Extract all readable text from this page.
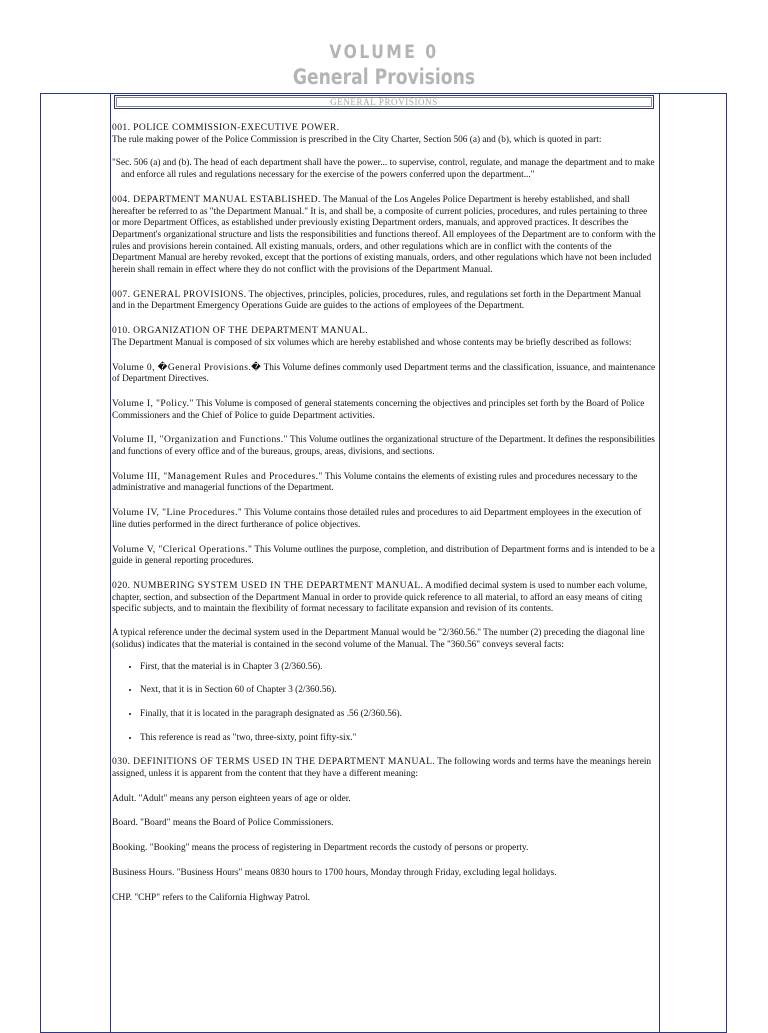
VOLUME 0
General Provisions
GENERAL PROVISIONS

001. POLICE COMMISSION-EXECUTIVE POWER.
The rule making power of the Police Commission is prescribed in the City Charter, Section 506 (a) and (b), which is quoted in part:

"Sec. 506 (a) and (b). The head of each department shall have the power... to supervise, control, regulate, and manage the department and to make and enforce all rules and regulations necessary for the exercise of the powers conferred upon the department..."

004. DEPARTMENT MANUAL ESTABLISHED. The Manual of the Los Angeles Police Department is hereby established, and shall hereafter be referred to as "the Department Manual." It is, and shall be, a composite of current policies, procedures, and rules pertaining to three or more Department Offices, as established under previously existing Department orders, manuals, and approved practices. It describes the Department's organizational structure and lists the responsibilities and functions thereof. All employees of the Department are to conform with the rules and provisions herein contained. All existing manuals, orders, and other regulations which are in conflict with the contents of the Department Manual are hereby revoked, except that the portions of existing manuals, orders, and other regulations which have not been included herein shall remain in effect where they do not conflict with the provisions of the Department Manual.

007. GENERAL PROVISIONS. The objectives, principles, policies, procedures, rules, and regulations set forth in the Department Manual and in the Department Emergency Operations Guide are guides to the actions of employees of the Department.

010. ORGANIZATION OF THE DEPARTMENT MANUAL.
The Department Manual is composed of six volumes which are hereby established and whose contents may be briefly described as follows:

Volume 0, �General Provisions.� This Volume defines commonly used Department terms and the classification, issuance, and maintenance of Department Directives.

Volume I, "Policy." This Volume is composed of general statements concerning the objectives and principles set forth by the Board of Police Commissioners and the Chief of Police to guide Department activities.

Volume II, "Organization and Functions." This Volume outlines the organizational structure of the Department. It defines the responsibilities and functions of every office and of the bureaus, groups, areas, divisions, and sections.

Volume III, "Management Rules and Procedures." This Volume contains the elements of existing rules and procedures necessary to the administrative and managerial functions of the Department.

Volume IV, "Line Procedures." This Volume contains those detailed rules and procedures to aid Department employees in the execution of line duties performed in the direct furtherance of police objectives.

Volume V, "Clerical Operations." This Volume outlines the purpose, completion, and distribution of Department forms and is intended to be a guide in general reporting procedures.

020. NUMBERING SYSTEM USED IN THE DEPARTMENT MANUAL. A modified decimal system is used to number each volume, chapter, section, and subsection of the Department Manual in order to provide quick reference to all material, to afford an easy means of citing specific subjects, and to maintain the flexibility of format necessary to facilitate expansion and revision of its contents.

A typical reference under the decimal system used in the Department Manual would be "2/360.56." The number (2) preceding the diagonal line (solidus) indicates that the material is contained in the second volume of the Manual. The "360.56" conveys several facts:

• First, that the material is in Chapter 3 (2/360.56).
• Next, that it is in Section 60 of Chapter 3 (2/360.56).
• Finally, that it is located in the paragraph designated as .56 (2/360.56).
• This reference is read as "two, three-sixty, point fifty-six."

030. DEFINITIONS OF TERMS USED IN THE DEPARTMENT MANUAL. The following words and terms have the meanings herein assigned, unless it is apparent from the content that they have a different meaning:

Adult. "Adult" means any person eighteen years of age or older.

Board. "Board" means the Board of Police Commissioners.

Booking. "Booking" means the process of registering in Department records the custody of persons or property.

Business Hours. "Business Hours" means 0830 hours to 1700 hours, Monday through Friday, excluding legal holidays.

CHP. "CHP" refers to the California Highway Patrol.
